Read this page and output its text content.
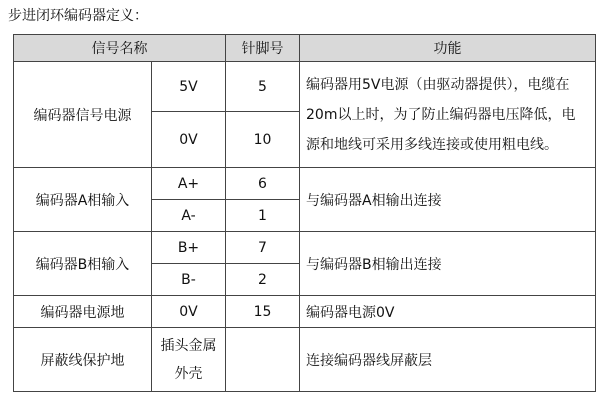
步进闭环编码器定义：
信号名称		针脚号	功能
编码器信号电源	5V	5	编码器用5V电源（由驱动器提供），电缆在20m以上时，为了防止编码器电压降低，电源和地线可采用多线连接或使用粗电线。
	0V	10	
编码器A相输入	A+	6	与编码器A相输出连接
	A-	1	
编码器B相输入	B+	7	与编码器B相输出连接
	B-	2	
编码器电源地	0V	15	编码器电源0V
屏蔽线保护地	插头金属外壳		连接编码器线屏蔽层
